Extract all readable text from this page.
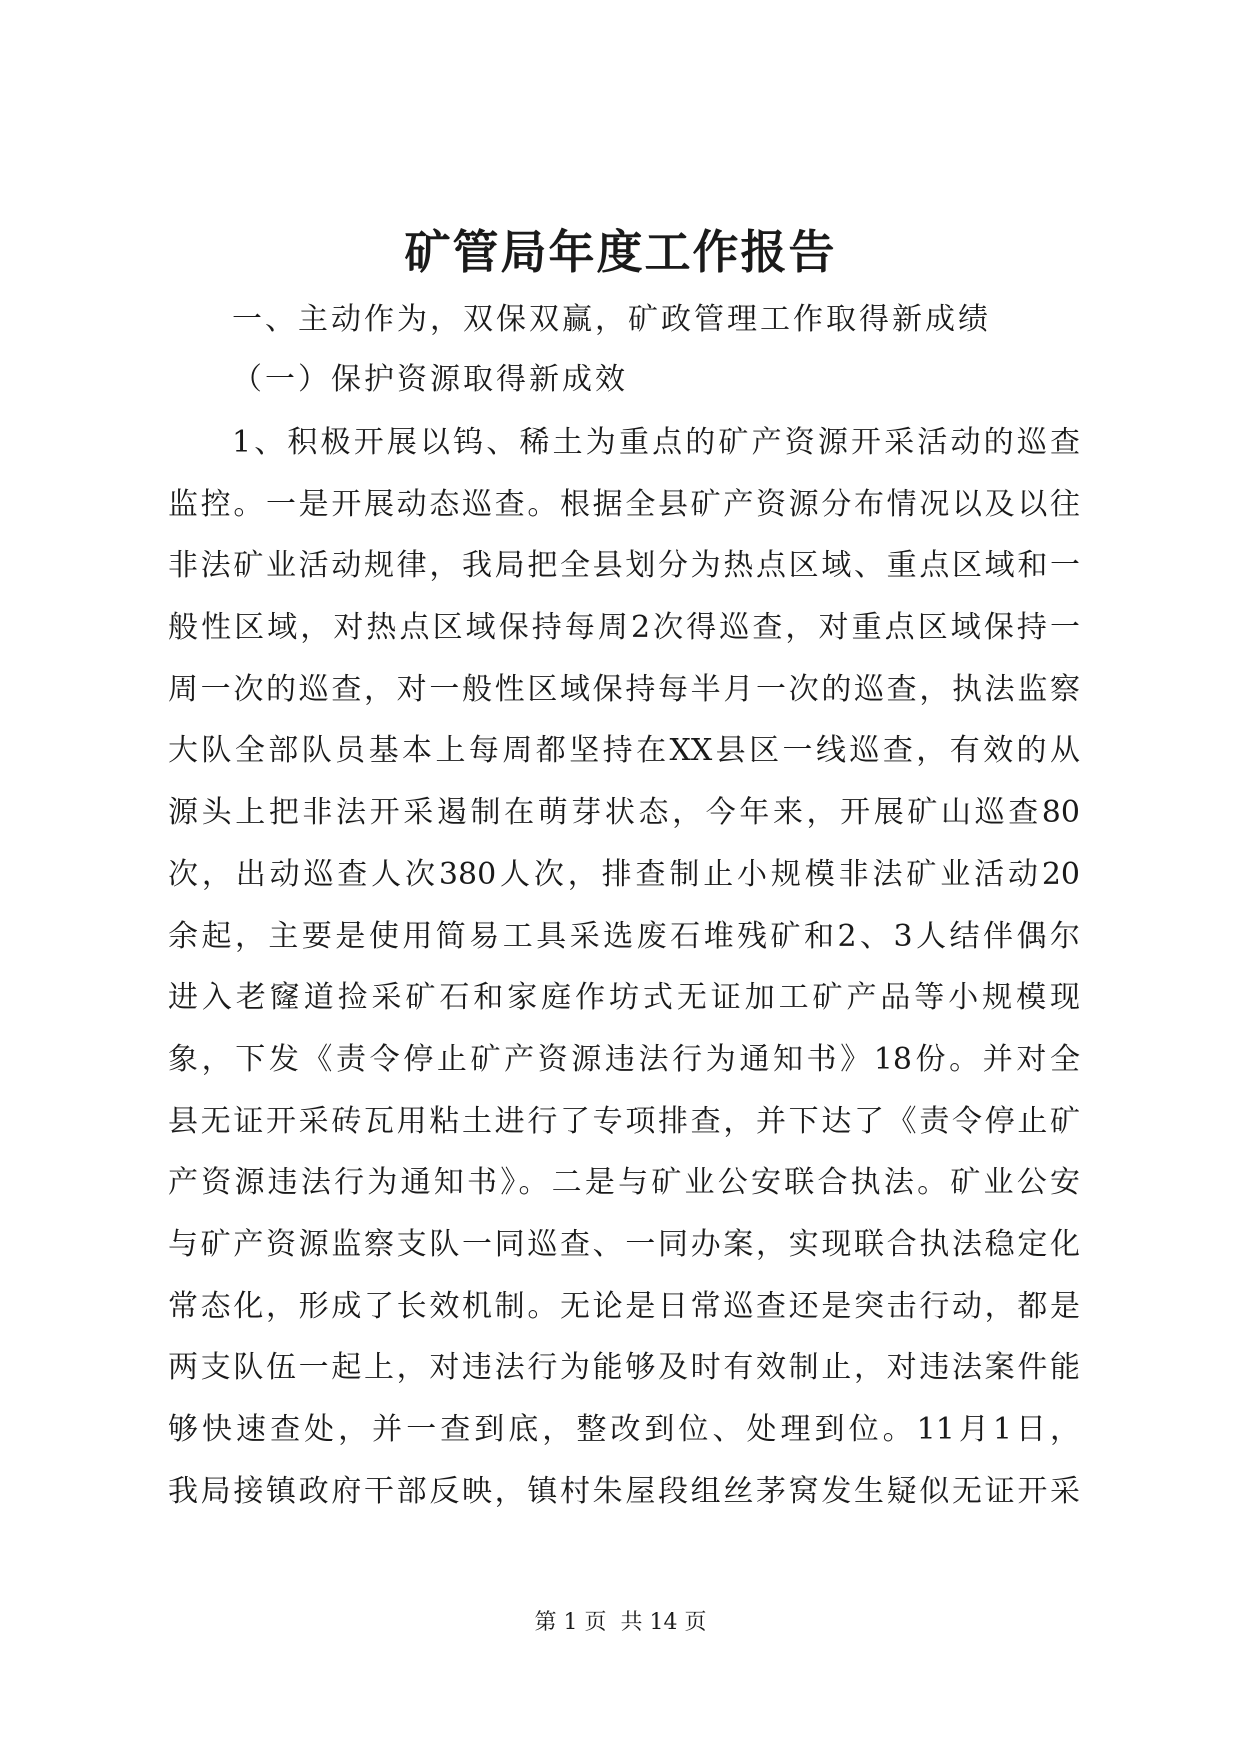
矿管局年度工作报告
一、主动作为，双保双赢，矿政管理工作取得新成绩
（一）保护资源取得新成效
1、积极开展以钨、稀土为重点的矿产资源开采活动的巡查
监控。一是开展动态巡查。根据全县矿产资源分布情况以及以往
非法矿业活动规律，我局把全县划分为热点区域、重点区域和一
般性区域，对热点区域保持每周2次得巡查，对重点区域保持一
周一次的巡查，对一般性区域保持每半月一次的巡查，执法监察
大队全部队员基本上每周都坚持在XX县区一线巡查，有效的从
源头上把非法开采遏制在萌芽状态，今年来，开展矿山巡查80
次，出动巡查人次380人次，排查制止小规模非法矿业活动20
余起，主要是使用简易工具采选废石堆残矿和2、3人结伴偶尔
进入老窿道捡采矿石和家庭作坊式无证加工矿产品等小规模现
象，下发《责令停止矿产资源违法行为通知书》18份。并对全
县无证开采砖瓦用粘土进行了专项排查，并下达了《责令停止矿
产资源违法行为通知书》。二是与矿业公安联合执法。矿业公安
与矿产资源监察支队一同巡查、一同办案，实现联合执法稳定化
常态化，形成了长效机制。无论是日常巡查还是突击行动，都是
两支队伍一起上，对违法行为能够及时有效制止，对违法案件能
够快速查处，并一查到底，整改到位、处理到位。11月1日，
我局接镇政府干部反映，镇村朱屋段组丝茅窝发生疑似无证开采
第 1 页  共 14 页
